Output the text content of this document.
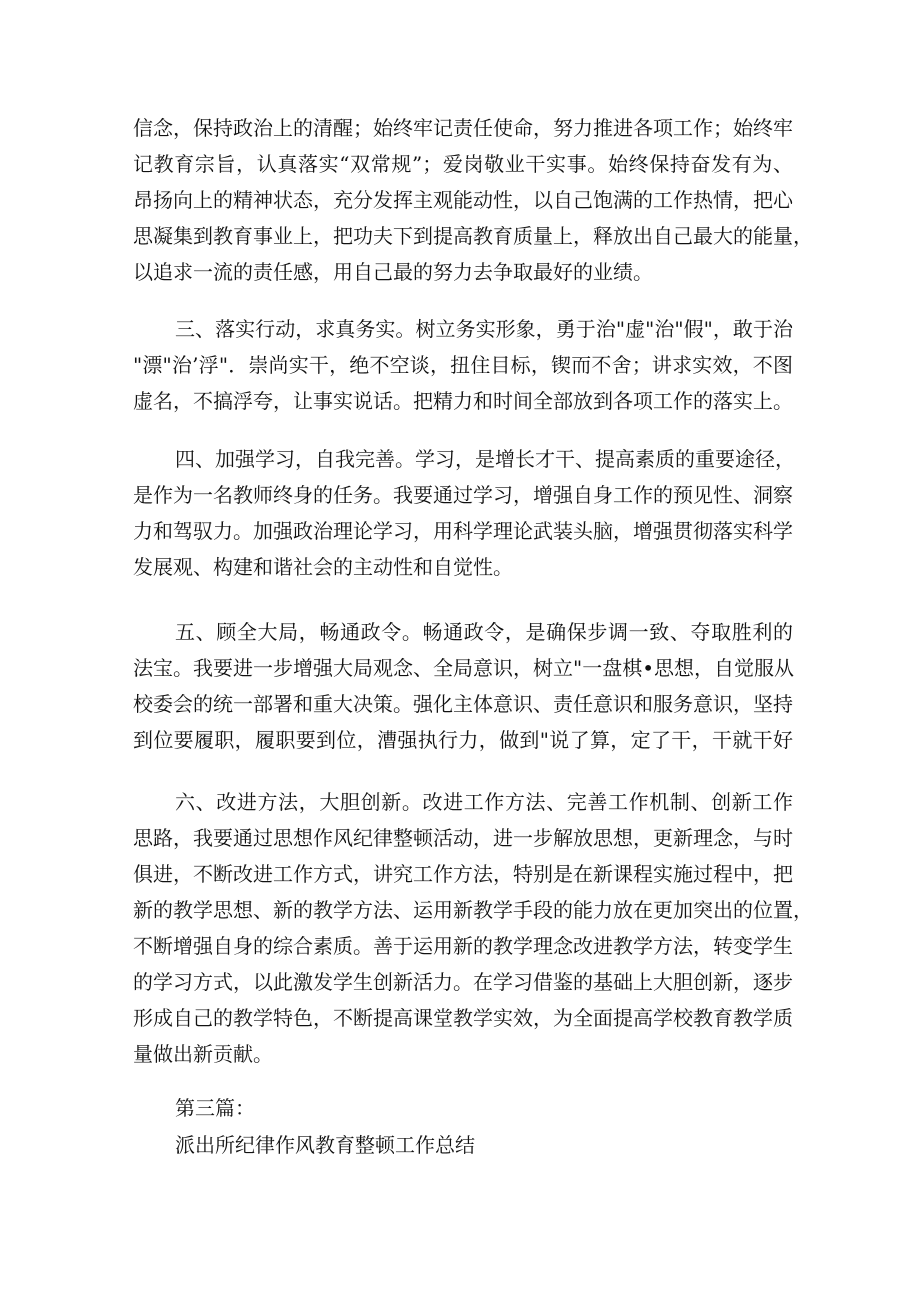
信念，保持政治上的清醒；始终牢记责任使命，努力推进各项工作；始终牢
记教育宗旨，认真落实“双常规”；爱岗敬业干实事。始终保持奋发有为、
昂扬向上的精神状态，充分发挥主观能动性，以自己饱满的工作热情，把心
思凝集到教育事业上，把功夫下到提高教育质量上，释放出自己最大的能量，
以追求一流的责任感，用自己最的努力去争取最好的业绩。
三、落实行动，求真务实。树立务实形象，勇于治"虚"治"假"，敢于治
"漂"治’浮"．崇尚实干，绝不空谈，扭住目标，锲而不舍；讲求实效，不图
虚名，不搞浮夸，让事实说话。把精力和时间全部放到各项工作的落实上。
四、加强学习，自我完善。学习，是增长才干、提高素质的重要途径，
是作为一名教师终身的任务。我要通过学习，增强自身工作的预见性、洞察
力和驾驭力。加强政治理论学习，用科学理论武装头脑，增强贯彻落实科学
发展观、构建和谐社会的主动性和自觉性。
五、顾全大局，畅通政令。畅通政令，是确保步调一致、夺取胜利的
法宝。我要进一步增强大局观念、全局意识，树立"一盘棋•思想，自觉服从
校委会的统一部署和重大决策。强化主体意识、责任意识和服务意识，坚持
到位要履职，履职要到位，漕强执行力，做到"说了算，定了干，干就干好
六、改进方法，大胆创新。改进工作方法、完善工作机制、创新工作
思路，我要通过思想作风纪律整顿活动，进一步解放思想，更新理念，与时
俱进，不断改进工作方式，讲究工作方法，特别是在新课程实施过程中，把
新的教学思想、新的教学方法、运用新教学手段的能力放在更加突出的位置，
不断增强自身的综合素质。善于运用新的教学理念改进教学方法，转变学生
的学习方式，以此激发学生创新活力。在学习借鉴的基础上大胆创新，逐步
形成自己的教学特色，不断提高课堂教学实效，为全面提高学校教育教学质
量做出新贡献。
第三篇：
派出所纪律作风教育整顿工作总结
